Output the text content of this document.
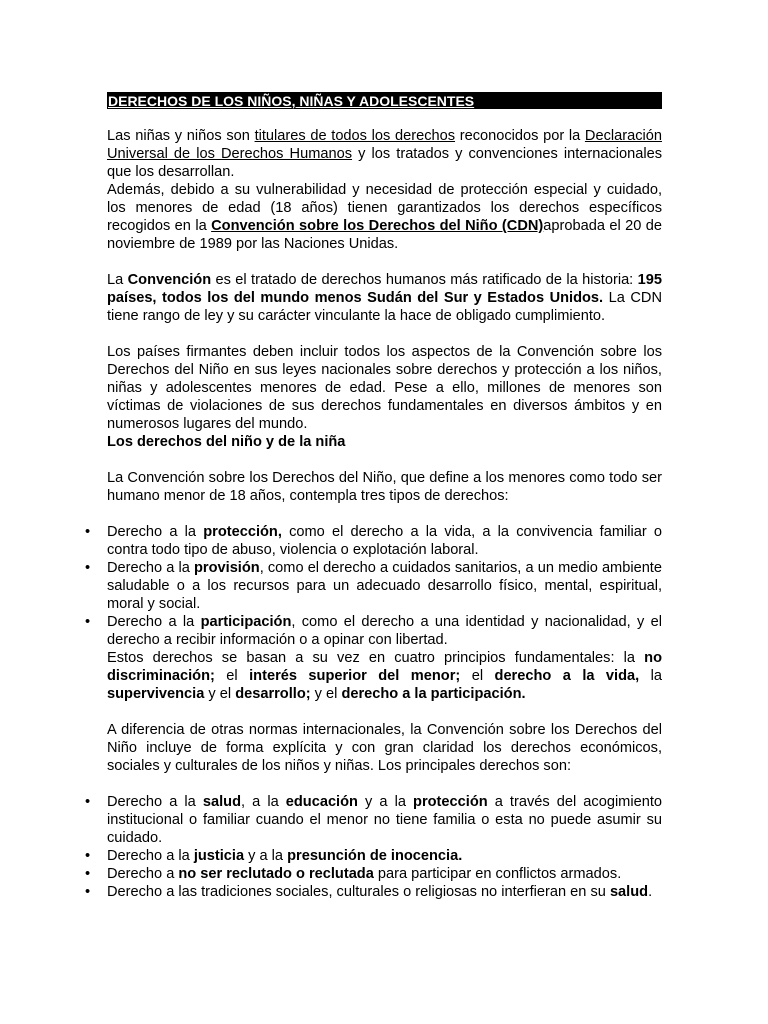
DERECHOS DE LOS NIÑOS, NIÑAS Y ADOLESCENTES

Las niñas y niños son titulares de todos los derechos reconocidos por la Declaración Universal de los Derechos Humanos y los tratados y convenciones internacionales que los desarrollan.

Además, debido a su vulnerabilidad y necesidad de protección especial y cuidado, los menores de edad (18 años) tienen garantizados los derechos específicos recogidos en la Convención sobre los Derechos del Niño (CDN)aprobada el 20 de noviembre de 1989 por las Naciones Unidas.

La Convención es el tratado de derechos humanos más ratificado de la historia: 195 países, todos los del mundo menos Sudán del Sur y Estados Unidos. La CDN tiene rango de ley y su carácter vinculante la hace de obligado cumplimiento.

Los países firmantes deben incluir todos los aspectos de la Convención sobre los Derechos del Niño en sus leyes nacionales sobre derechos y protección a los niños, niñas y adolescentes menores de edad. Pese a ello, millones de menores son víctimas de violaciones de sus derechos fundamentales en diversos ámbitos y en numerosos lugares del mundo.

Los derechos del niño y de la niña

La Convención sobre los Derechos del Niño, que define a los menores como todo ser humano menor de 18 años, contempla tres tipos de derechos:

• Derecho a la protección, como el derecho a la vida, a la convivencia familiar o contra todo tipo de abuso, violencia o explotación laboral.
• Derecho a la provisión, como el derecho a cuidados sanitarios, a un medio ambiente saludable o a los recursos para un adecuado desarrollo físico, mental, espiritual, moral y social.
• Derecho a la participación, como el derecho a una identidad y nacionalidad, y el derecho a recibir información o a opinar con libertad.

Estos derechos se basan a su vez en cuatro principios fundamentales: la no discriminación; el interés superior del menor; el derecho a la vida, la supervivencia y el desarrollo; y el derecho a la participación.

A diferencia de otras normas internacionales, la Convención sobre los Derechos del Niño incluye de forma explícita y con gran claridad los derechos económicos, sociales y culturales de los niños y niñas. Los principales derechos son:

• Derecho a la salud, a la educación y a la protección a través del acogimiento institucional o familiar cuando el menor no tiene familia o esta no puede asumir su cuidado.
• Derecho a la justicia y a la presunción de inocencia.
• Derecho a no ser reclutado o reclutada para participar en conflictos armados.
• Derecho a las tradiciones sociales, culturales o religiosas no interfieran en su salud.
